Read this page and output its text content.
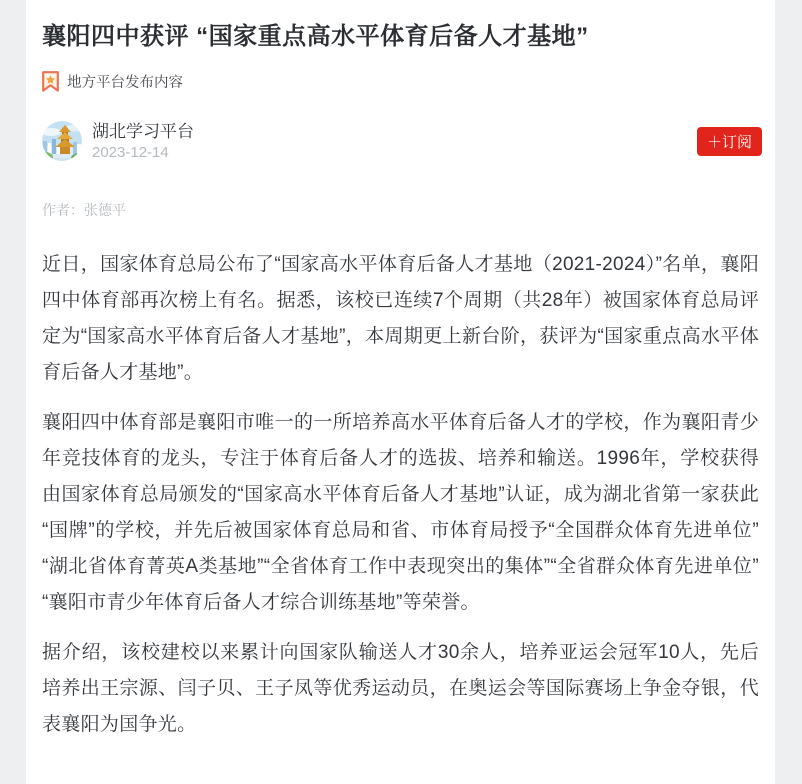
襄阳四中获评 “国家重点高水平体育后备人才基地”
地方平台发布内容
湖北学习平台
2023-12-14
＋订阅
作者：张德平

近日，国家体育总局公布了“国家高水平体育后备人才基地（2021-2024）”名单，襄阳四中体育部再次榜上有名。据悉，该校已连续7个周期（共28年）被国家体育总局评定为“国家高水平体育后备人才基地”，本周期更上新台阶，获评为“国家重点高水平体育后备人才基地”。

襄阳四中体育部是襄阳市唯一的一所培养高水平体育后备人才的学校，作为襄阳青少年竞技体育的龙头，专注于体育后备人才的选拔、培养和输送。1996年，学校获得由国家体育总局颁发的“国家高水平体育后备人才基地”认证，成为湖北省第一家获此“国牌”的学校，并先后被国家体育总局和省、市体育局授予“全国群众体育先进单位”“湖北省体育菁英A类基地”“全省体育工作中表现突出的集体”“全省群众体育先进单位”“襄阳市青少年体育后备人才综合训练基地”等荣誉。

据介绍，该校建校以来累计向国家队输送人才30余人，培养亚运会冠军10人，先后培养出王宗源、闫子贝、王子凤等优秀运动员，在奥运会等国际赛场上争金夺银，代表襄阳为国争光。
